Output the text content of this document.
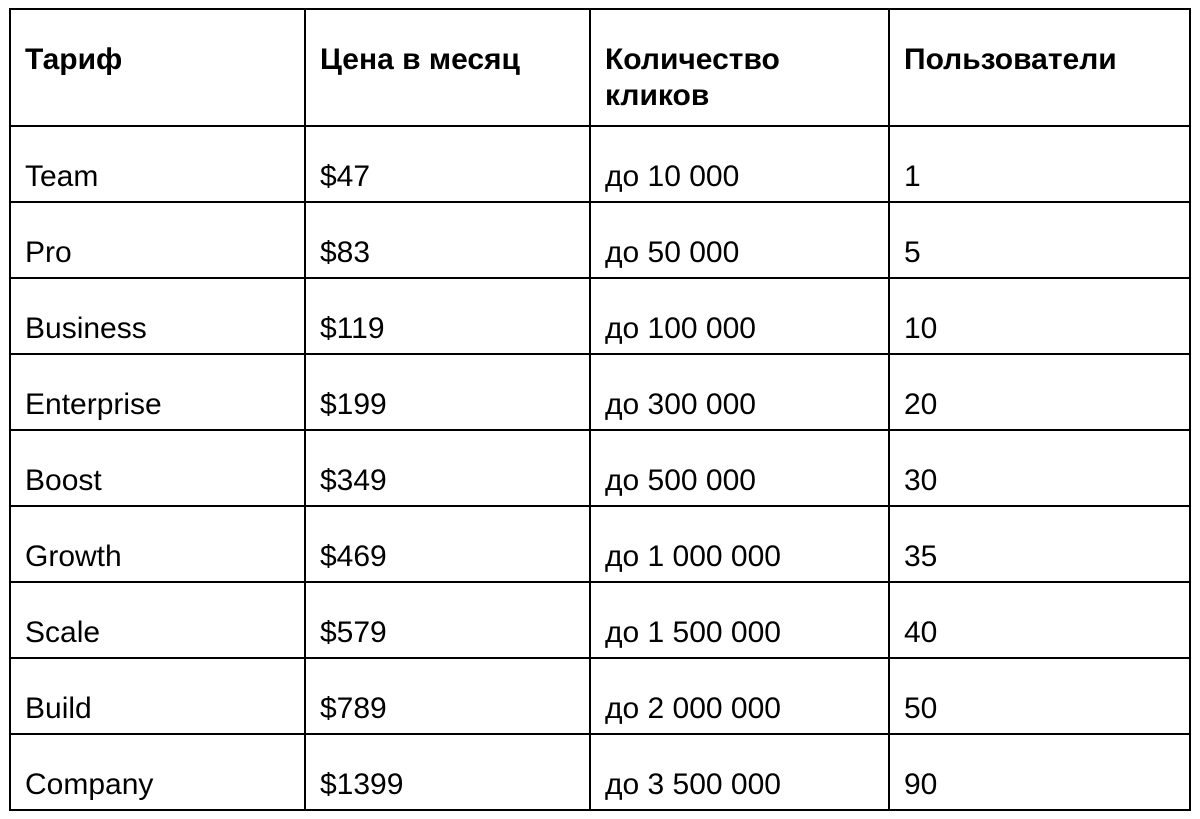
Тариф	Цена в месяц	Количество кликов	Пользователи
Team	$47	до 10 000	1
Pro	$83	до 50 000	5
Business	$119	до 100 000	10
Enterprise	$199	до 300 000	20
Boost	$349	до 500 000	30
Growth	$469	до 1 000 000	35
Scale	$579	до 1 500 000	40
Build	$789	до 2 000 000	50
Company	$1399	до 3 500 000	90
